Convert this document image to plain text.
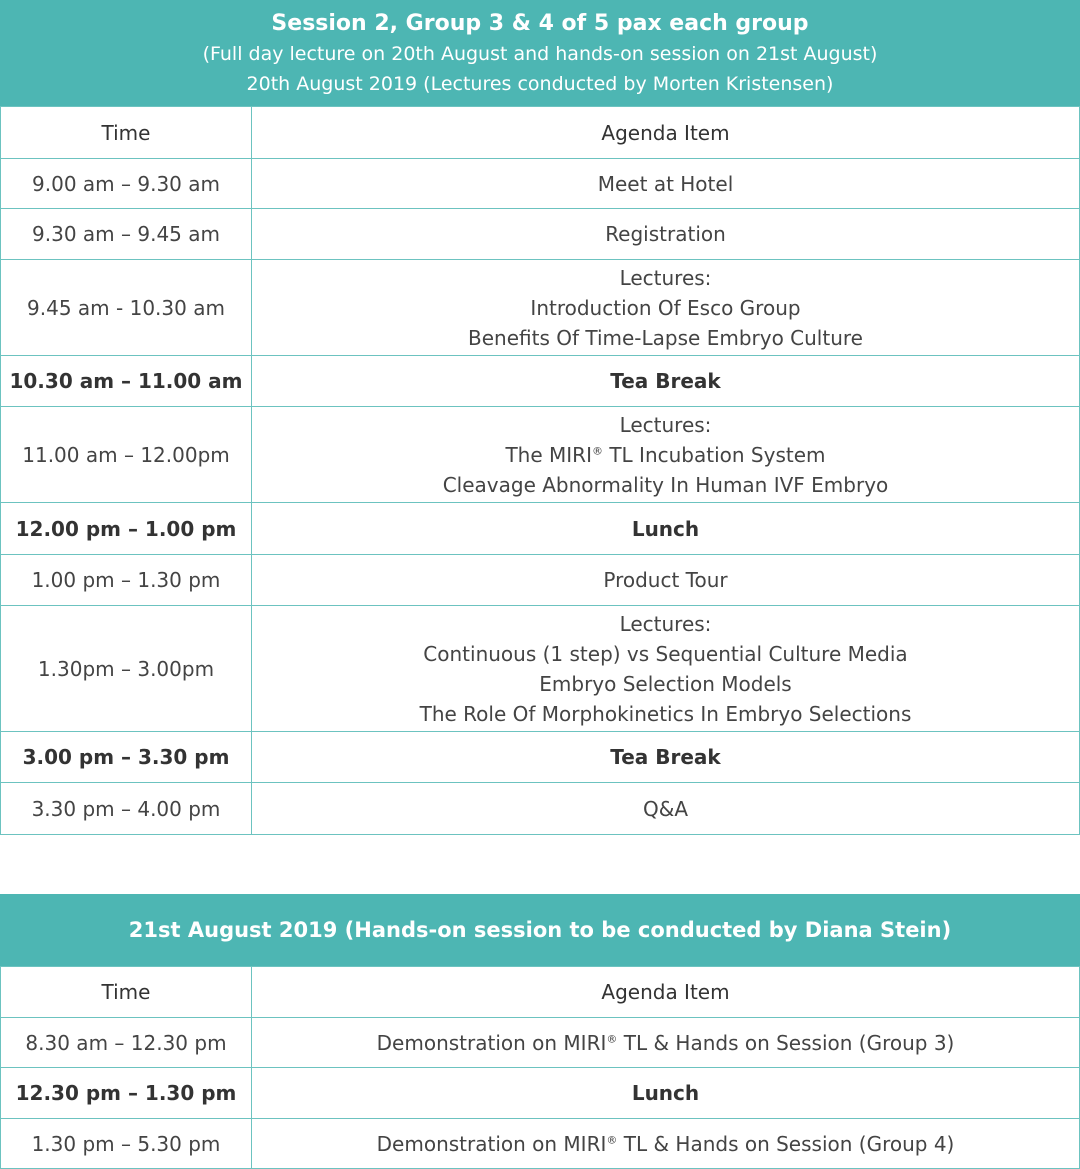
Session 2, Group 3 & 4 of 5 pax each group
(Full day lecture on 20th August and hands-on session on 21st August)
20th August 2019 (Lectures conducted by Morten Kristensen)
Time	Agenda Item
9.00 am – 9.30 am	Meet at Hotel

9.30 am – 9.45 am	Registration

9.45 am - 10.30 am	Lectures:
Introduction Of Esco Group
Benefits Of Time-Lapse Embryo Culture

10.30 am – 11.00 am	Tea Break

11.00 am – 12.00pm	Lectures:
The MIRI® TL Incubation System
Cleavage Abnormality In Human IVF Embryo

12.00 pm – 1.00 pm	Lunch

1.00 pm – 1.30 pm	Product Tour

1.30pm – 3.00pm	Lectures:
Continuous (1 step) vs Sequential Culture Media
Embryo Selection Models
The Role Of Morphokinetics In Embryo Selections

3.00 pm – 3.30 pm	Tea Break

3.30 pm – 4.00 pm	Q&A
21st August 2019 (Hands-on session to be conducted by Diana Stein)
Time	Agenda Item
8.30 am – 12.30 pm	Demonstration on MIRI® TL & Hands on Session (Group 3)

12.30 pm – 1.30 pm	Lunch

1.30 pm – 5.30 pm	Demonstration on MIRI® TL & Hands on Session (Group 4)
